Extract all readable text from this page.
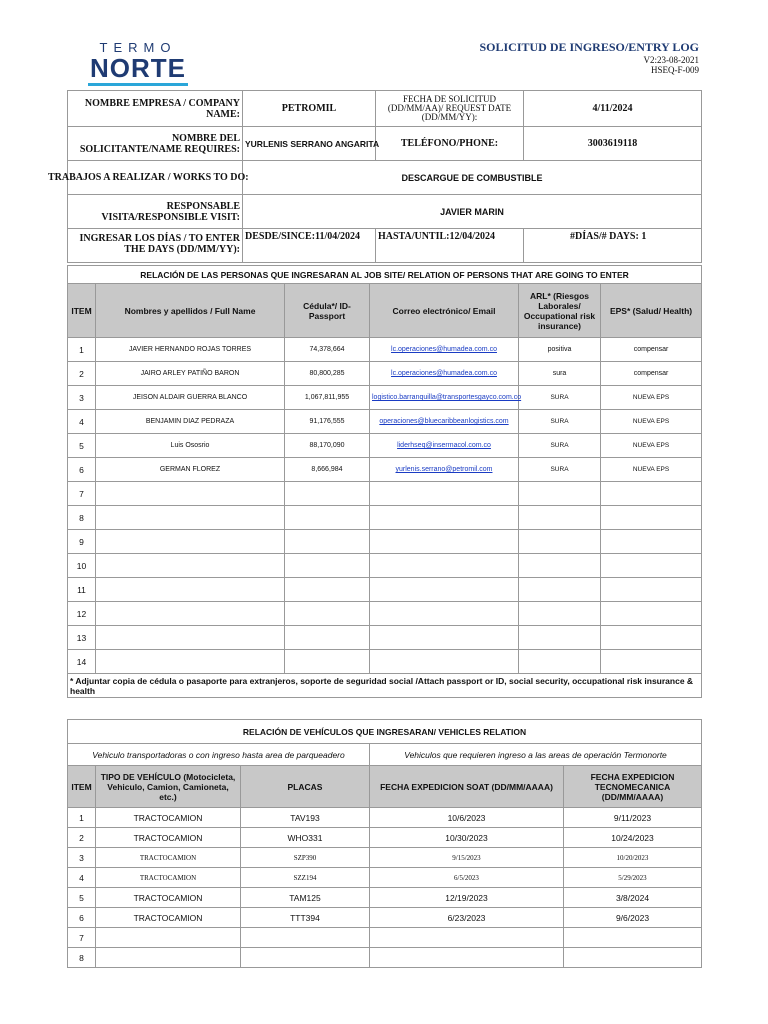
TERMO
NORTE
SOLICITUD DE INGRESO/ENTRY LOG
V2:23-08-2021
HSEQ-F-009
NOMBRE EMPRESA / COMPANY NAME:	PETROMIL	FECHA DE SOLICITUD (DD/MM/AA)/ REQUEST DATE (DD/MM/YY):	4/11/2024
NOMBRE DEL SOLICITANTE/NAME REQUIRES:	YURLENIS SERRANO ANGARITA	TELÉFONO/PHONE:	3003619118
TRABAJOS A REALIZAR / WORKS TO DO:	DESCARGUE DE COMBUSTIBLE		
RESPONSABLE VISITA/RESPONSIBLE VISIT:	JAVIER MARIN		
INGRESAR LOS DÍAS / TO ENTER THE DAYS (DD/MM/YY):	DESDE/SINCE:11/04/2024	HASTA/UNTIL:12/04/2024	#DÍAS/# DAYS: 1
RELACIÓN DE LAS PERSONAS QUE INGRESARAN AL JOB SITE/ RELATION OF PERSONS THAT ARE GOING TO ENTER					
ITEM	Nombres y apellidos / Full Name	Cédula*/ ID-Passport	Correo electrónico/ Email	ARL* (Riesgos Laborales/ Occupational risk insurance)	EPS* (Salud/ Health)
1	JAVIER HERNANDO ROJAS TORRES	74,378,664	lc.operaciones@humadea.com.co	positiva	compensar
2	JAIRO ARLEY PATIÑO BARON	80,800,285	lc.operaciones@humadea.com.co	sura	compensar
3	JEISON ALDAIR GUERRA BLANCO	1,067,811,955	logistico.barranquilla@transportesgayco.com.co	SURA	NUEVA EPS
4	BENJAMIN DIAZ PEDRAZA	91,176,555	operaciones@bluecaribbeanlogistics.com	SURA	NUEVA EPS
5	Luis Ososrio	88,170,090	liderhseq@insermacol.com.co	SURA	NUEVA EPS
6	GERMAN FLOREZ	8,666,984	yurlenis.serrano@petromil.com	SURA	NUEVA EPS
7					
8					
9					
10					
11					
12					
13					
14					
* Adjuntar copia de cédula o pasaporte para extranjeros, soporte de seguridad social /Attach passport or ID, social security, occupational risk insurance & health					
RELACIÓN DE VEHÍCULOS QUE INGRESARAN/ VEHICLES RELATION				
Vehiculo transportadoras o con ingreso hasta area de parqueadero			Vehiculos que requieren ingreso a las areas de operación Termonorte	
ITEM	TIPO DE VEHÍCULO (Motocicleta, Vehiculo, Camion, Camioneta, etc.)	PLACAS	FECHA EXPEDICION SOAT (DD/MM/AAAA)	FECHA EXPEDICION TECNOMECANICA (DD/MM/AAAA)
1	TRACTOCAMION	TAV193	10/6/2023	9/11/2023
2	TRACTOCAMION	WHO331	10/30/2023	10/24/2023
3	TRACTOCAMION	SZP390	9/15/2023	10/20/2023
4	TRACTOCAMION	SZZ194	6/5/2023	5/29/2023
5	TRACTOCAMION	TAM125	12/19/2023	3/8/2024
6	TRACTOCAMION	TTT394	6/23/2023	9/6/2023
7				
8				
